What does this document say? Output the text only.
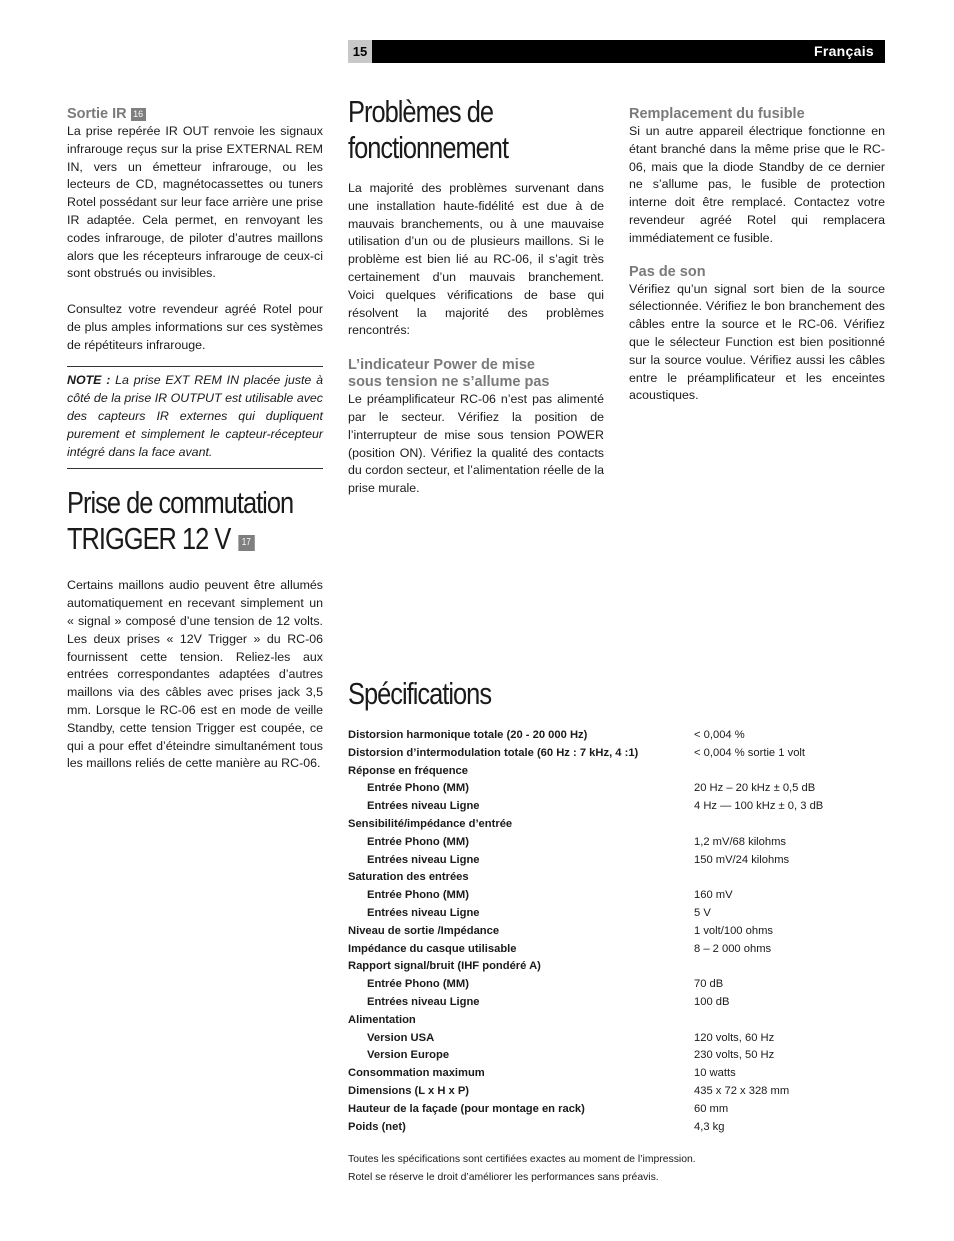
15	Français
Sortie IR 16

La prise repérée IR OUT renvoie les signaux infrarouge reçus sur la prise EXTERNAL REM IN, vers un émetteur infrarouge, ou les lecteurs de CD, magnétocassettes ou tuners Rotel possédant sur leur face arrière une prise IR adaptée. Cela permet, en renvoyant les codes infrarouge, de piloter d’autres maillons alors que les récepteurs infrarouge de ceux-ci sont obstrués ou invisibles.

Consultez votre revendeur agréé Rotel pour de plus amples informations sur ces systèmes de répétiteurs infrarouge.

NOTE : La prise EXT REM IN placée juste à côté de la prise IR OUTPUT est utilisable avec des capteurs IR externes qui dupliquent purement et simplement le capteur-récepteur intégré dans la face avant.
Prise de commutation
TRIGGER 12 V 17

Certains maillons audio peuvent être allumés automatiquement en recevant simplement un « signal » composé d’une tension de 12 volts. Les deux prises « 12V Trigger » du RC-06 fournissent cette tension. Reliez-les aux entrées correspondantes adaptées d’autres maillons via des câbles avec prises jack 3,5 mm. Lorsque le RC-06 est en mode de veille Standby, cette tension Trigger est coupée, ce qui a pour effet d’éteindre simultanément tous les maillons reliés de cette manière au RC-06.

Problèmes de
fonctionnement

La majorité des problèmes survenant dans une installation haute-fidélité est due à de mauvais branchements, ou à une mauvaise utilisation d’un ou de plusieurs maillons. Si le problème est bien lié au RC-06, il s’agit très certainement d’un mauvais branchement. Voici quelques vérifications de base qui résolvent la majorité des problèmes rencontrés:

L’indicateur Power de mise
sous tension ne s’allume pas

Le préamplificateur RC-06 n’est pas alimenté par le secteur. Vérifiez la position de l’interrupteur de mise sous tension POWER (position ON). Vérifiez la qualité des contacts du cordon secteur, et l’alimentation réelle de la prise murale.

Remplacement du fusible

Si un autre appareil électrique fonctionne en étant branché dans la même prise que le RC-06, mais que la diode Standby de ce dernier ne s’allume pas, le fusible de protection interne doit être remplacé. Contactez votre revendeur agréé Rotel qui remplacera immédiatement ce fusible.

Pas de son

Vérifiez qu’un signal sort bien de la source sélectionnée. Vérifiez le bon branchement des câbles entre la source et le RC-06. Vérifiez que le sélecteur Function est bien positionné sur la source voulue. Vérifiez aussi les câbles entre le préamplificateur et les enceintes acoustiques.

Spécifications
Distorsion harmonique totale (20 - 20 000 Hz)	< 0,004 %
Distorsion d’intermodulation totale (60 Hz : 7 kHz, 4 :1)	< 0,004 % sortie 1 volt
Réponse en fréquence
Entrée Phono (MM)	20 Hz – 20 kHz ± 0,5 dB
Entrées niveau Ligne	4 Hz — 100 kHz ± 0, 3 dB
Sensibilité/impédance d’entrée
Entrée Phono (MM)	1,2 mV/68 kilohms
Entrées niveau Ligne	150 mV/24 kilohms
Saturation des entrées
Entrée Phono (MM)	160 mV
Entrées niveau Ligne	5 V
Niveau de sortie /Impédance	1 volt/100 ohms
Impédance du casque utilisable	8 – 2 000 ohms
Rapport signal/bruit (IHF pondéré A)
Entrée Phono (MM)	70 dB
Entrées niveau Ligne	100 dB
Alimentation
Version USA	120 volts, 60 Hz
Version Europe	230 volts, 50 Hz
Consommation maximum	10 watts
Dimensions (L x H x P)	435 x 72 x 328 mm
Hauteur de la façade (pour montage en rack)	60 mm
Poids (net)	4,3 kg
Toutes les spécifications sont certifiées exactes au moment de l’impression.
Rotel se réserve le droit d’améliorer les performances sans préavis.
